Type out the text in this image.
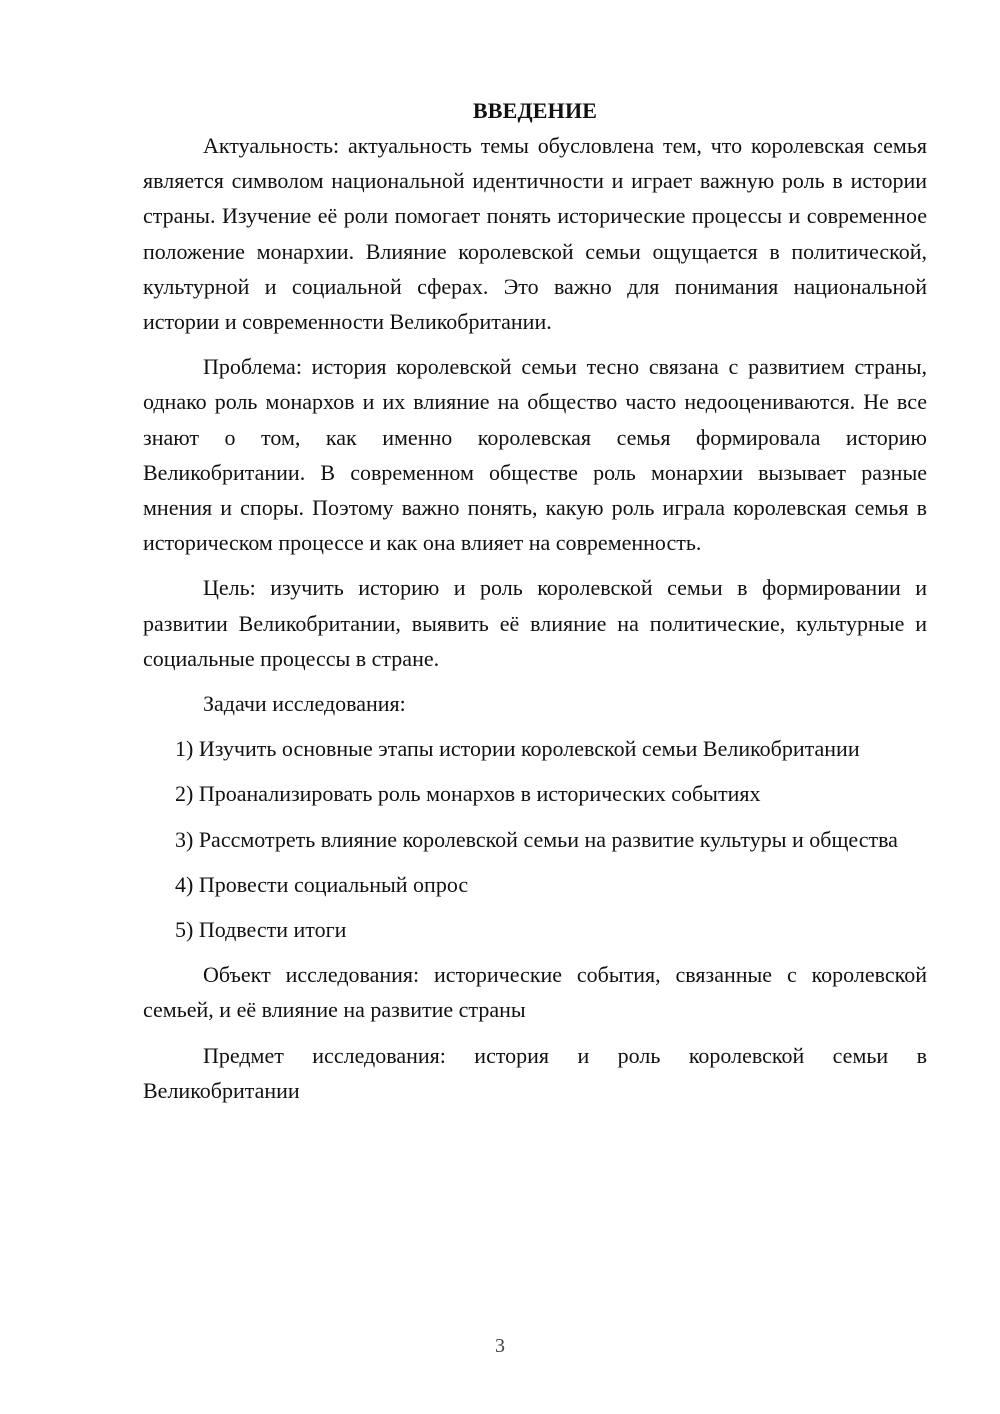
ВВЕДЕНИЕ

Актуальность: актуальность темы обусловлена тем, что королевская семья является символом национальной идентичности и играет важную роль в истории страны. Изучение её роли помогает понять исторические процессы и современное положение монархии. Влияние королевской семьи ощущается в политической, культурной и социальной сферах. Это важно для понимания национальной истории и современности Великобритании.

Проблема: история королевской семьи тесно связана с развитием страны, однако роль монархов и их влияние на общество часто недооцениваются. Не все знают о том, как именно королевская семья формировала историю Великобритании. В современном обществе роль монархии вызывает разные мнения и споры. Поэтому важно понять, какую роль играла королевская семья в историческом процессе и как она влияет на современность.

Цель: изучить историю и роль королевской семьи в формировании и развитии Великобритании, выявить её влияние на политические, культурные и социальные процессы в стране.

Задачи исследования:

1) Изучить основные этапы истории королевской семьи Великобритании

2) Проанализировать роль монархов в исторических событиях

3) Рассмотреть влияние королевской семьи на развитие культуры и общества

4) Провести социальный опрос

5) Подвести итоги

Объект исследования: исторические события, связанные с королевской семьей, и её влияние на развитие страны

Предмет исследования: история и роль королевской семьи в Великобритании

3
